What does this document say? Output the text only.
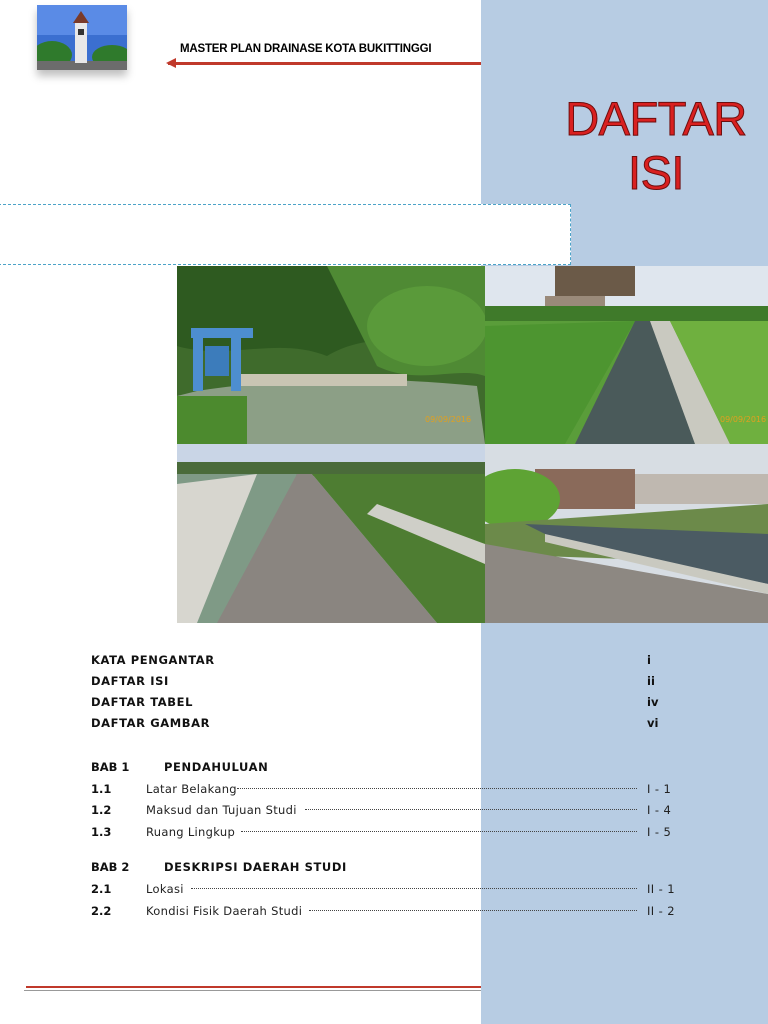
MASTER PLAN DRAINASE KOTA BUKITTINGGI
DAFTAR
ISI
09/09/2016	09/09/2016
KATA PENGANTAR	i
DAFTAR ISI	ii
DAFTAR TABEL	iv
DAFTAR GAMBAR	vi
BAB 1	PENDAHULUAN
1.1	Latar Belakang	I - 1
1.2	Maksud dan Tujuan Studi	I - 4
1.3	Ruang Lingkup	I - 5
BAB 2	DESKRIPSI DAERAH STUDI
2.1	Lokasi	II - 1
2.2	Kondisi Fisik Daerah Studi	II - 2
